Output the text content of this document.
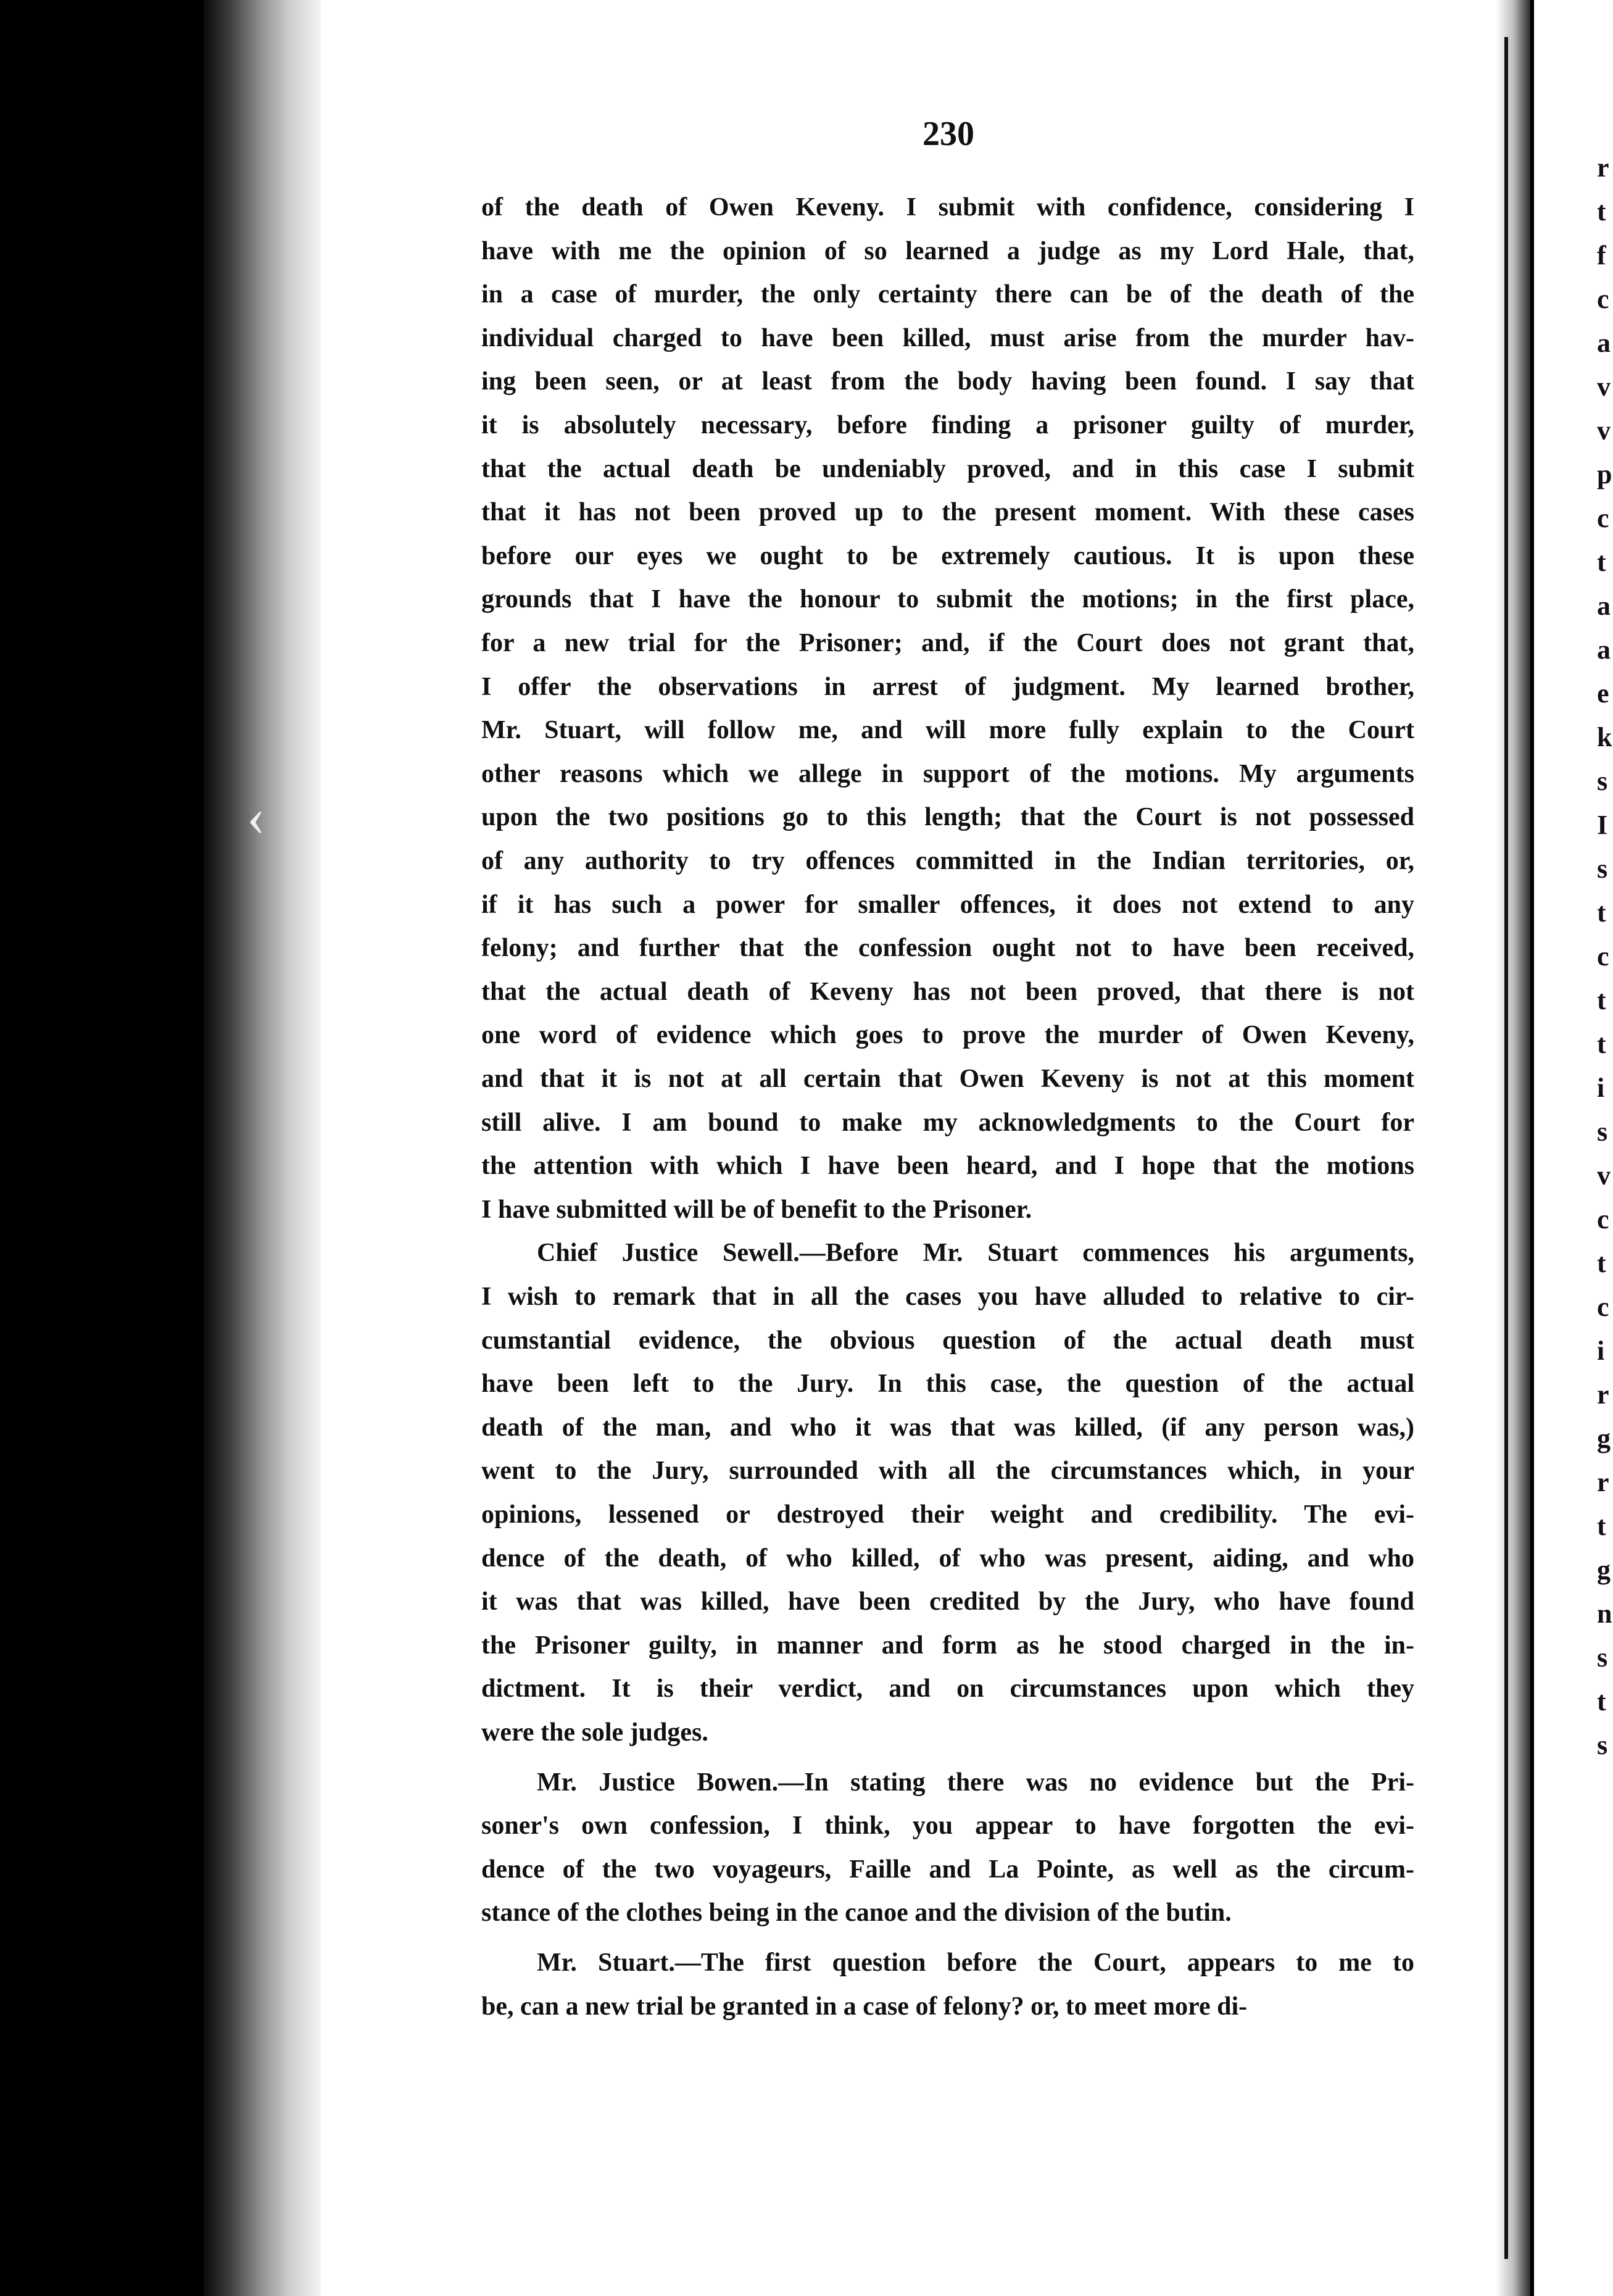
‹
r
t
f
c
a
v
v
p
c
t
a
a
e
k
s
I
s
t
c
t
t
i
s
v
c
t
c
i
r
g
r
t
g
n
s
t
s
230
of the death of Owen Keveny. I submit with confidence, considering I
have with me the opinion of so learned a judge as my Lord Hale, that,
in a case of murder, the only certainty there can be of the death of the
individual charged to have been killed, must arise from the murder hav-
ing been seen, or at least from the body having been found. I say that
it is absolutely necessary, before finding a prisoner guilty of murder,
that the actual death be undeniably proved, and in this case I submit
that it has not been proved up to the present moment. With these cases
before our eyes we ought to be extremely cautious. It is upon these
grounds that I have the honour to submit the motions; in the first place,
for a new trial for the Prisoner; and, if the Court does not grant that,
I offer the observations in arrest of judgment. My learned brother,
Mr. Stuart, will follow me, and will more fully explain to the Court
other reasons which we allege in support of the motions. My arguments
upon the two positions go to this length; that the Court is not possessed
of any authority to try offences committed in the Indian territories, or,
if it has such a power for smaller offences, it does not extend to any
felony; and further that the confession ought not to have been received,
that the actual death of Keveny has not been proved, that there is not
one word of evidence which goes to prove the murder of Owen Keveny,
and that it is not at all certain that Owen Keveny is not at this moment
still alive. I am bound to make my acknowledgments to the Court for
the attention with which I have been heard, and I hope that the motions
I have submitted will be of benefit to the Prisoner.
Chief Justice Sewell.—Before Mr. Stuart commences his arguments,
I wish to remark that in all the cases you have alluded to relative to cir-
cumstantial evidence, the obvious question of the actual death must
have been left to the Jury. In this case, the question of the actual
death of the man, and who it was that was killed, (if any person was,)
went to the Jury, surrounded with all the circumstances which, in your
opinions, lessened or destroyed their weight and credibility. The evi-
dence of the death, of who killed, of who was present, aiding, and who
it was that was killed, have been credited by the Jury, who have found
the Prisoner guilty, in manner and form as he stood charged in the in-
dictment. It is their verdict, and on circumstances upon which they
were the sole judges.
Mr. Justice Bowen.—In stating there was no evidence but the Pri-
soner's own confession, I think, you appear to have forgotten the evi-
dence of the two voyageurs, Faille and La Pointe, as well as the circum-
stance of the clothes being in the canoe and the division of the butin.
Mr. Stuart.—The first question before the Court, appears to me to
be, can a new trial be granted in a case of felony? or, to meet more di-
